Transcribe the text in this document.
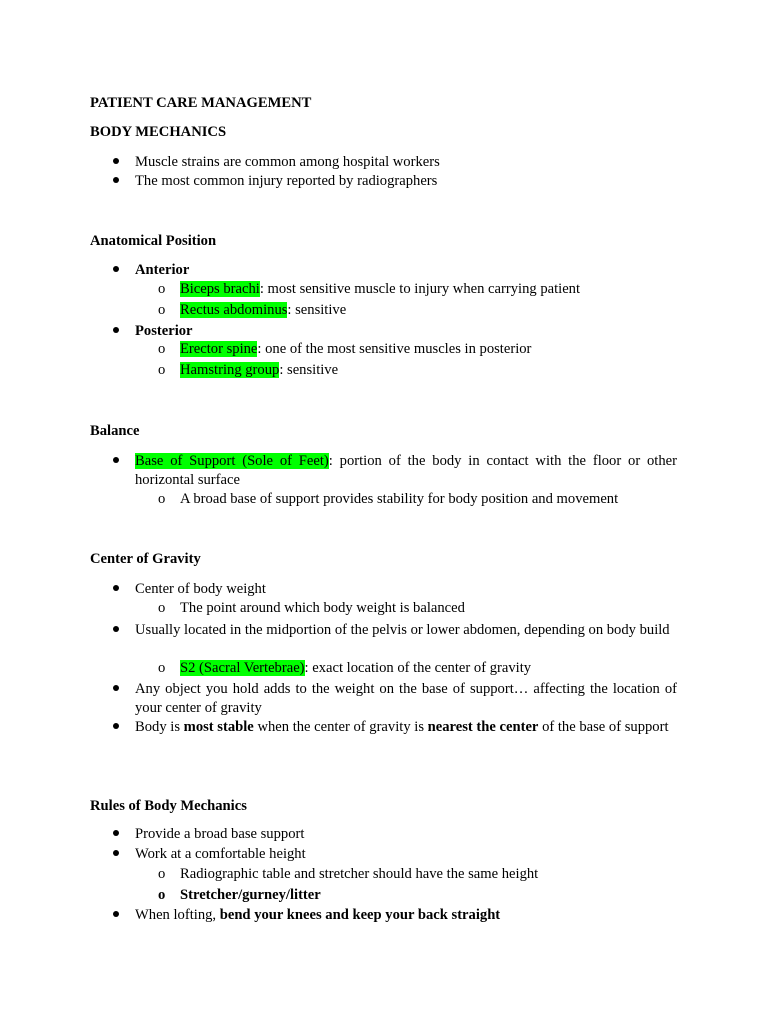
PATIENT CARE MANAGEMENT
BODY MECHANICS
Muscle strains are common among hospital workers
The most common injury reported by radiographers
Anatomical Position
Anterior
o Biceps brachi: most sensitive muscle to injury when carrying patient
o Rectus abdominus: sensitive
Posterior
o Erector spine: one of the most sensitive muscles in posterior
o Hamstring group: sensitive
Balance
Base of Support (Sole of Feet): portion of the body in contact with the floor or other horizontal surface
o A broad base of support provides stability for body position and movement
Center of Gravity
Center of body weight
o The point around which body weight is balanced
Usually located in the midportion of the pelvis or lower abdomen, depending on body build
o S2 (Sacral Vertebrae): exact location of the center of gravity
Any object you hold adds to the weight on the base of support… affecting the location of your center of gravity
Body is most stable when the center of gravity is nearest the center of the base of support
Rules of Body Mechanics
Provide a broad base support
Work at a comfortable height
o Radiographic table and stretcher should have the same height
o Stretcher/gurney/litter
When lofting, bend your knees and keep your back straight
